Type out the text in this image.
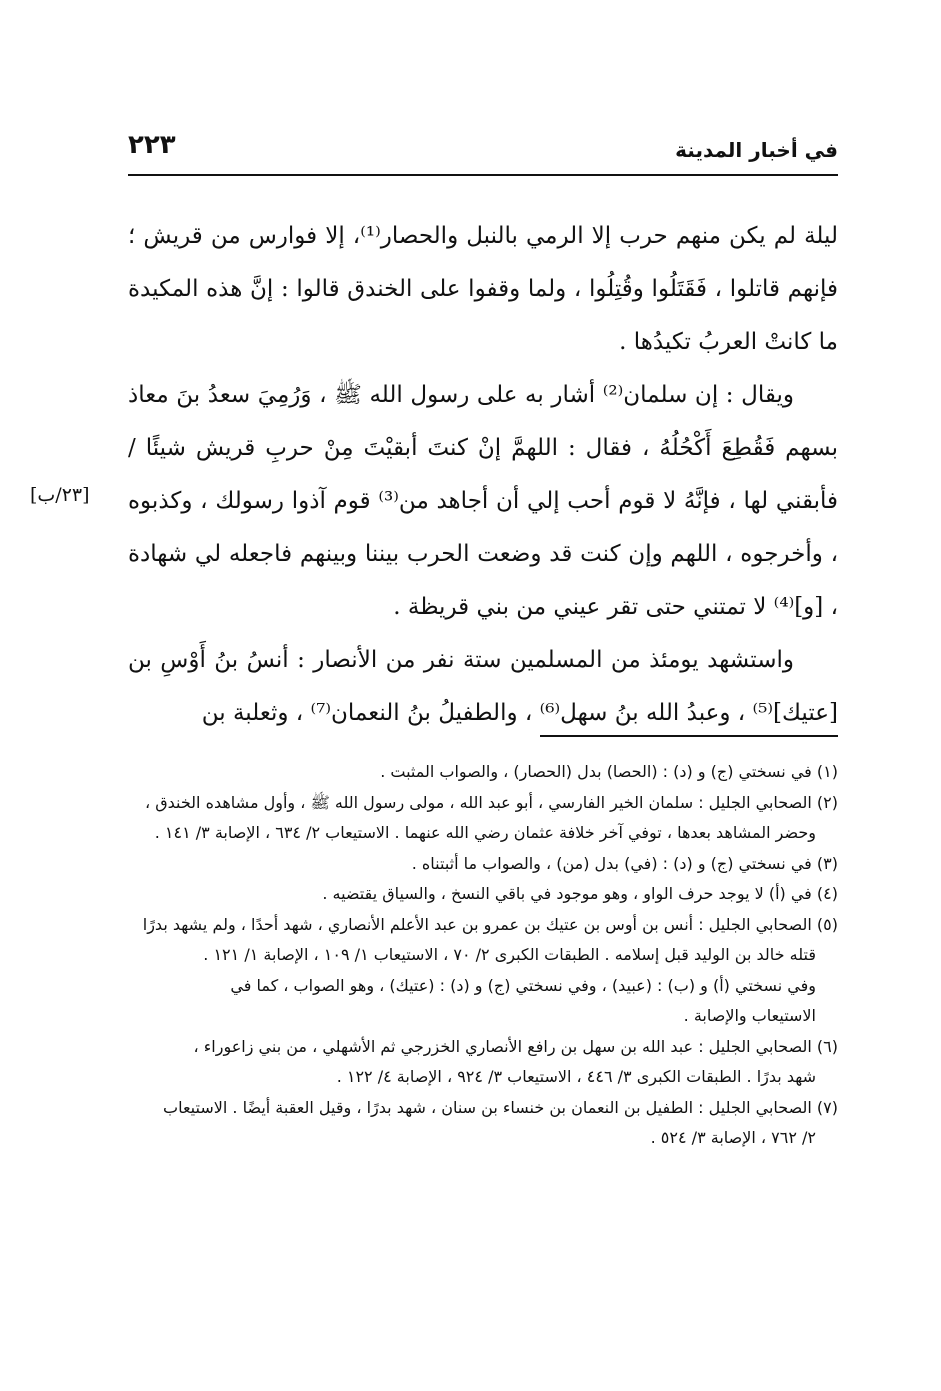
٢٢٣	في أخبار المدينة
[٢٣/ب]

ليلة لم يكن منهم حرب إلا الرمي بالنبل والحصار⁽¹⁾، إلا فوارس من قريش ؛ فإنهم قاتلوا ، فَقَتَلُوا وقُتِلُوا ، ولما وقفوا على الخندق قالوا : إنَّ هذه المكيدة ما كانتْ العربُ تكيدُها .

ويقال : إن سلمان⁽²⁾ أشار به على رسول الله ﷺ ، وَرُمِيَ سعدُ بنَ معاذ بسهم فَقُطِعَ أَكْحُلُهُ ، فقال : اللهمَّ إنْ كنتَ أبقيْتَ مِنْ حربِ قريش شيئًا / فأبقني لها ، فإنَّهُ لا قوم أحب إلي أن أجاهد من⁽³⁾ قوم آذوا رسولك ، وكذبوه ، وأخرجوه ، اللهم وإن كنت قد وضعت الحرب بيننا وبينهم فاجعله لي شهادة ، [و]⁽⁴⁾ لا تمتني حتى تقر عيني من بني قريظة .

واستشهد يومئذ من المسلمين ستة نفر من الأنصار : أنسُ بنُ أَوْسِ بن [عتيك]⁽⁵⁾ ، وعبدُ الله بنُ سهل⁽⁶⁾ ، والطفيلُ بنُ النعمان⁽⁷⁾ ، وثعلبة بن

(١) في نسختي (ج) و (د) : (الحصا) بدل (الحصار) ، والصواب المثبت .

(٢) الصحابي الجليل : سلمان الخير الفارسي ، أبو عبد الله ، مولى رسول الله ﷺ ، وأول مشاهده الخندق ،

وحضر المشاهد بعدها ، توفي آخر خلافة عثمان رضي الله عنهما . الاستيعاب ٢/ ٦٣٤ ، الإصابة ٣/ ١٤١ .

(٣) في نسختي (ج) و (د) : (في) بدل (من) ، والصواب ما أثبتناه .

(٤) في (أ) لا يوجد حرف الواو ، وهو موجود في باقي النسخ ، والسياق يقتضيه .

(٥) الصحابي الجليل : أنس بن أوس بن عتيك بن عمرو بن عبد الأعلم الأنصاري ، شهد أحدًا ، ولم يشهد بدرًا

قتله خالد بن الوليد قبل إسلامه . الطبقات الكبرى ٢/ ٧٠ ، الاستيعاب ١/ ١٠٩ ، الإصابة ١/ ١٢١ .

وفي نسختي (أ) و (ب) : (عبيد) ، وفي نسختي (ج) و (د) : (عتيك) ، وهو الصواب ، كما في

الاستيعاب والإصابة .

(٦) الصحابي الجليل : عبد الله بن سهل بن رافع الأنصاري الخزرجي ثم الأشهلي ، من بني زاعوراء ،

شهد بدرًا . الطبقات الكبرى ٣/ ٤٤٦ ، الاستيعاب ٣/ ٩٢٤ ، الإصابة ٤/ ١٢٢ .

(٧) الصحابي الجليل : الطفيل بن النعمان بن خنساء بن سنان ، شهد بدرًا ، وقيل العقبة أيضًا . الاستيعاب

٢/ ٧٦٢ ، الإصابة ٣/ ٥٢٤ .
